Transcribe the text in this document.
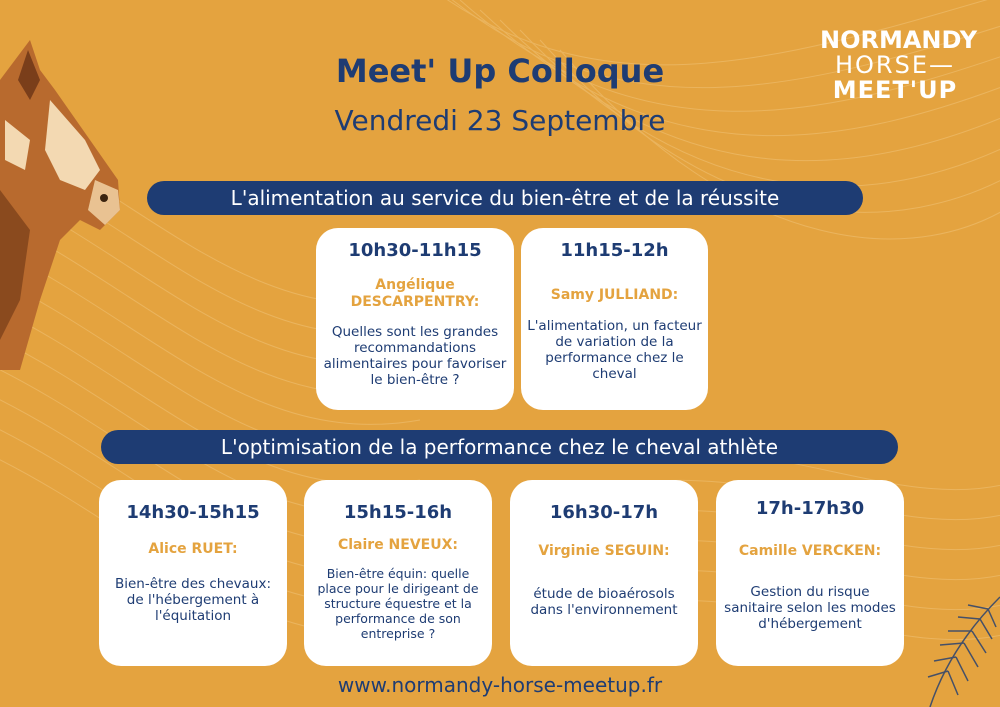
NORMANDY
HORSE—
MEET'UP
Meet' Up Colloque
Vendredi 23 Septembre
L'alimentation au service du bien-être et de la réussite
10h30-11h15
Angélique DESCARPENTRY:
Quelles sont les grandes recommandations alimentaires pour favoriser le bien-être ?
11h15-12h
Samy JULLIAND:
L'alimentation, un facteur de variation de la performance chez le cheval
L'optimisation de la performance chez le cheval athlète
14h30-15h15
Alice RUET:
Bien-être des chevaux: de l'hébergement à l'équitation
15h15-16h
Claire NEVEUX:
Bien-être équin: quelle place pour le dirigeant de structure équestre et la performance de son entreprise ?
16h30-17h
Virginie SEGUIN:
étude de bioaérosols dans l'environnement
17h-17h30
Camille VERCKEN:
Gestion du risque sanitaire selon les modes d'hébergement
www.normandy-horse-meetup.fr
